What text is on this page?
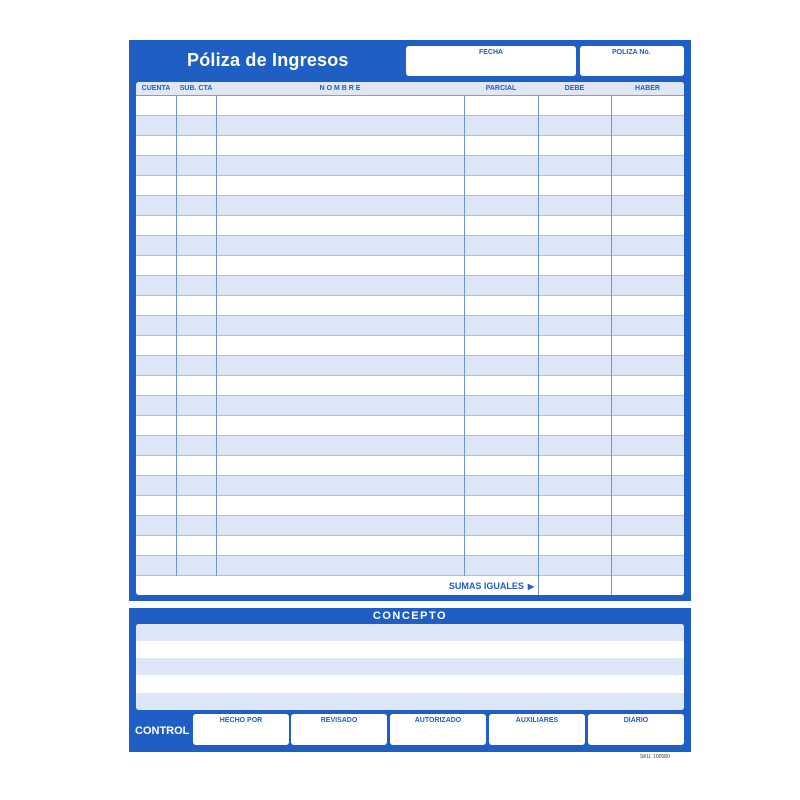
Póliza de Ingresos	FECHA	POLIZA No.
CUENTA	SUB. CTA	N O M B R E	PARCIAL	DEBE	HABER
SUMAS IGUALES ▶
CONCEPTO
CONTROL
HECHO POR	REVISADO	AUTORIZADO	AUXILIARES	DIARIO
SKU. 100580
